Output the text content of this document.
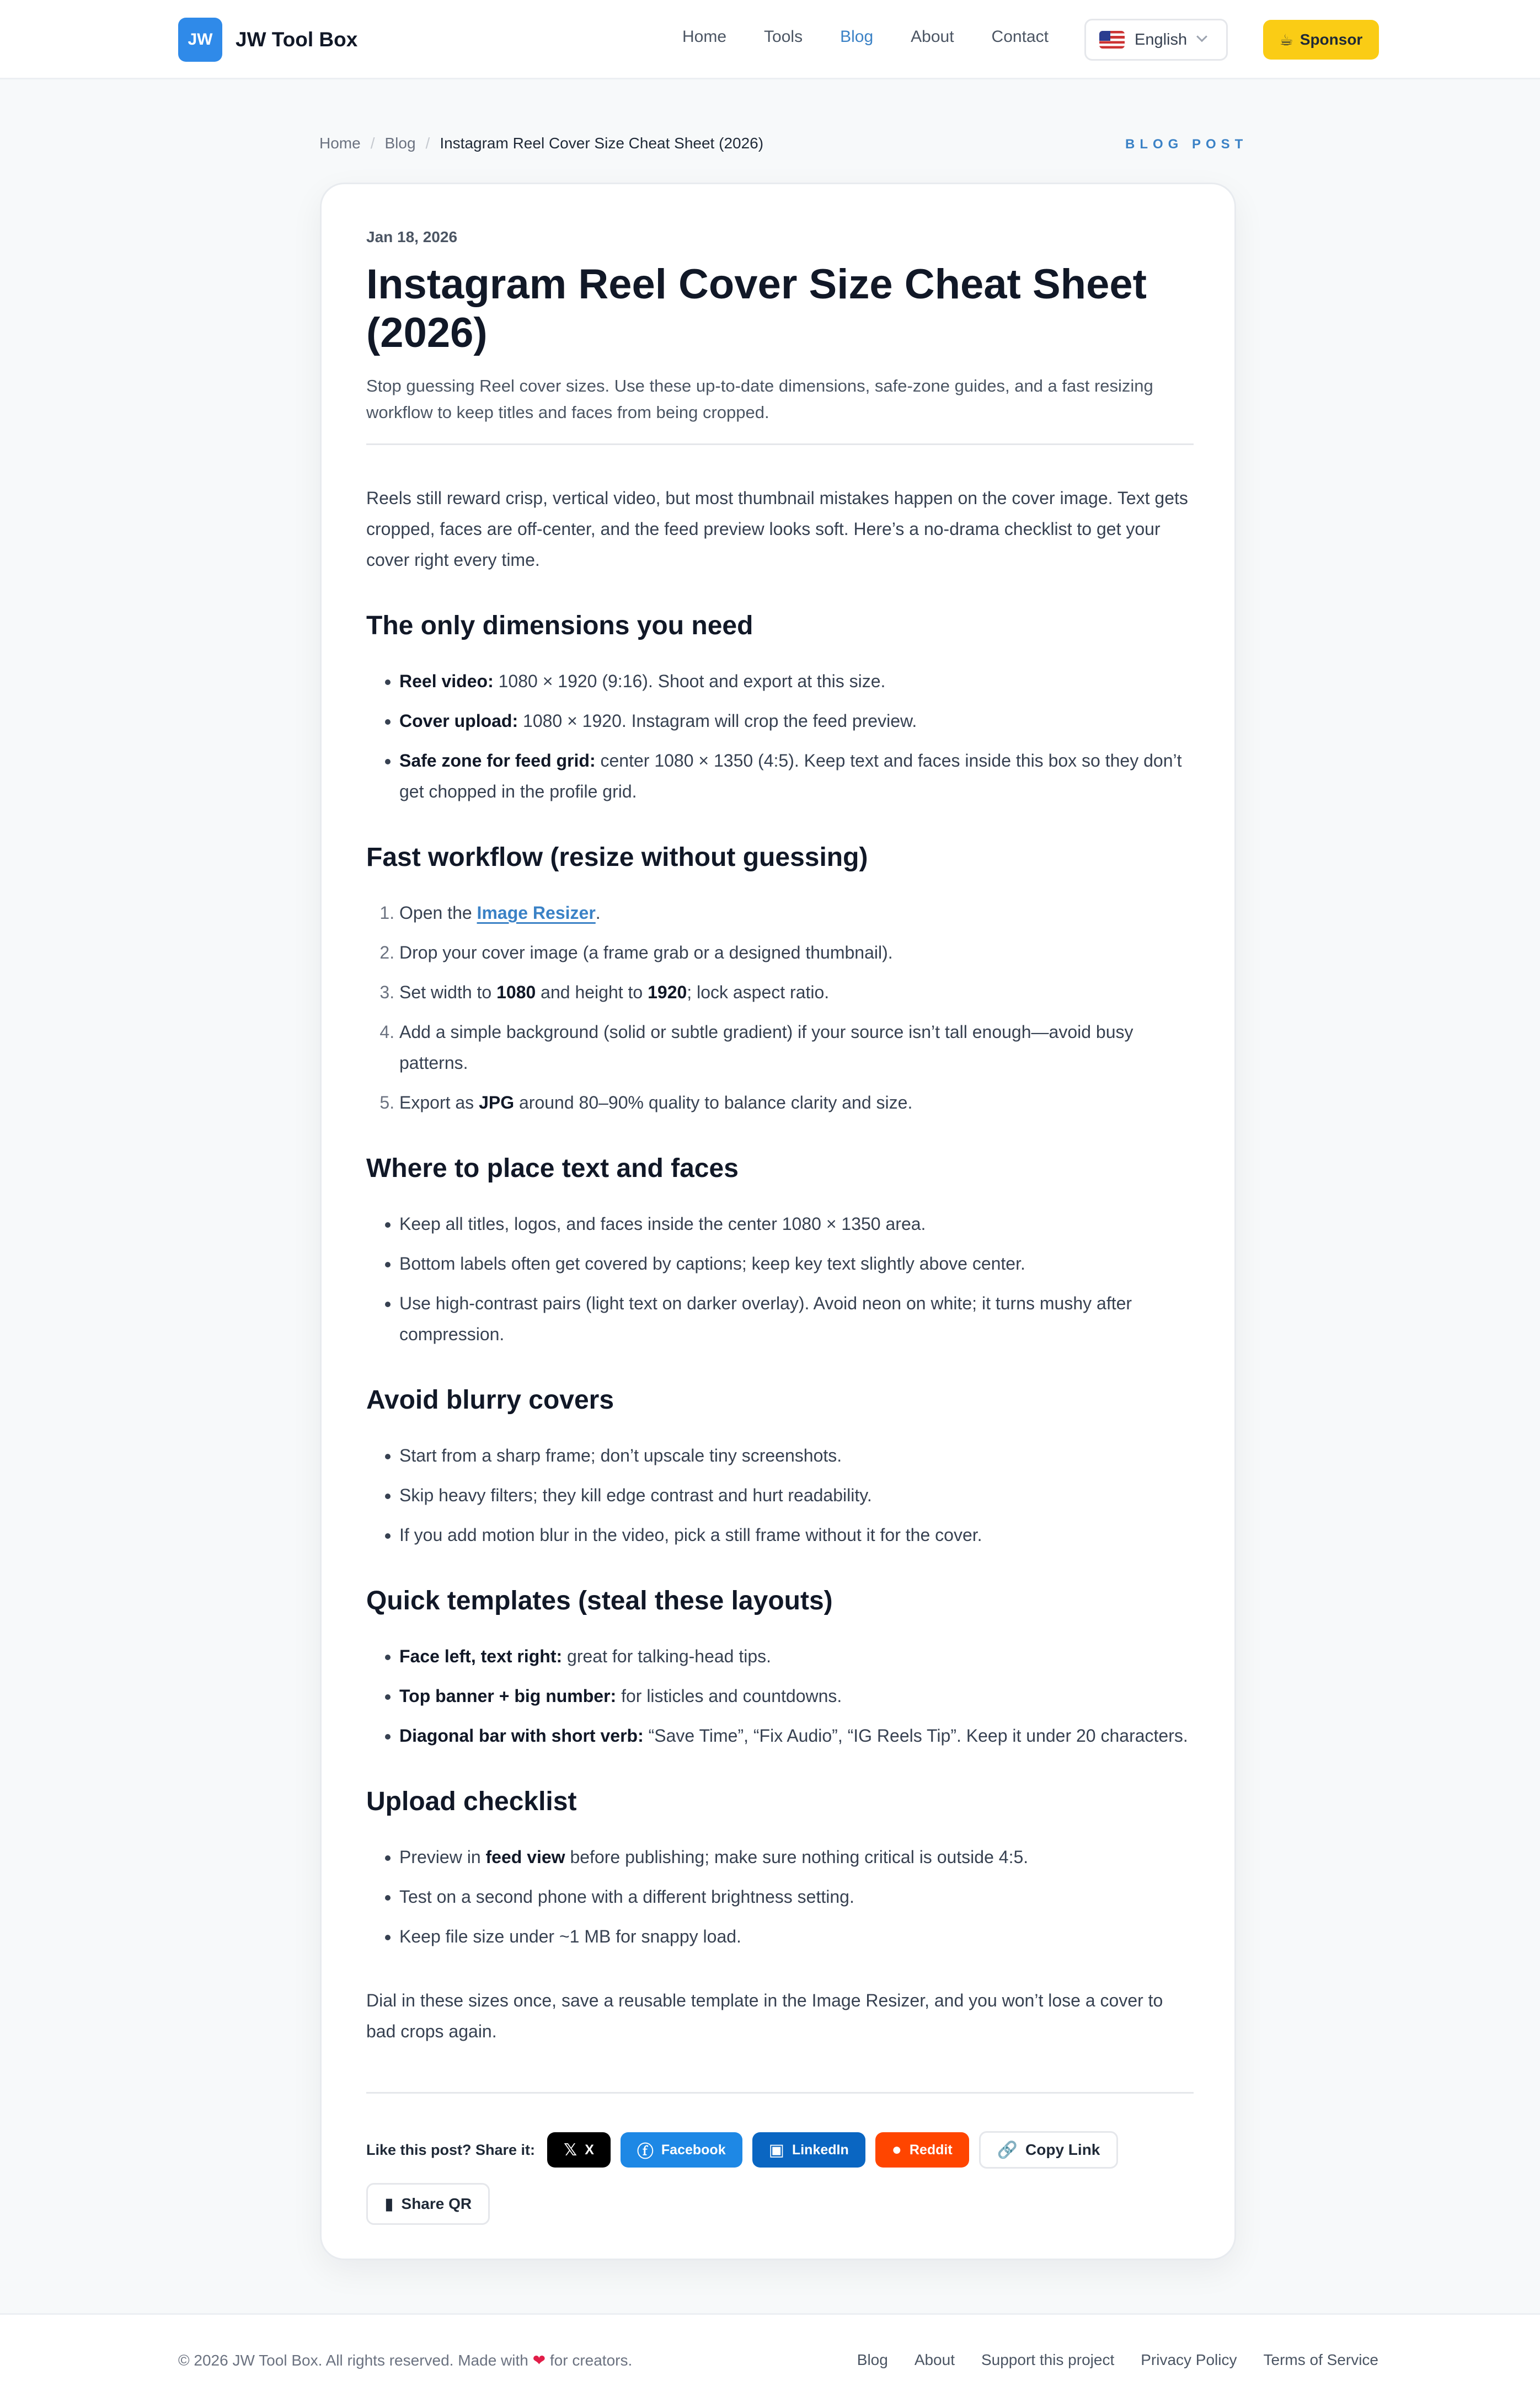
JW	JW Tool Box	Home Tools Blog About Contact	English	☕ Sponsor
Home / Blog / Instagram Reel Cover Size Cheat Sheet (2026)	BLOG POST
Jan 18, 2026
Instagram Reel Cover Size Cheat Sheet (2026)

Stop guessing Reel cover sizes. Use these up-to-date dimensions, safe-zone guides, and a fast resizing workflow to keep titles and faces from being cropped.

Reels still reward crisp, vertical video, but most thumbnail mistakes happen on the cover image. Text gets cropped, faces are off-center, and the feed preview looks soft. Here’s a no-drama checklist to get your cover right every time.

The only dimensions you need
• Reel video: 1080 × 1920 (9:16). Shoot and export at this size.
• Cover upload: 1080 × 1920. Instagram will crop the feed preview.
• Safe zone for feed grid: center 1080 × 1350 (4:5). Keep text and faces inside this box so they don’t get chopped in the profile grid.
Fast workflow (resize without guessing)
1. Open the Image Resizer.
2. Drop your cover image (a frame grab or a designed thumbnail).
3. Set width to 1080 and height to 1920; lock aspect ratio.
4. Add a simple background (solid or subtle gradient) if your source isn’t tall enough—avoid busy patterns.
5. Export as JPG around 80–90% quality to balance clarity and size.
Where to place text and faces
• Keep all titles, logos, and faces inside the center 1080 × 1350 area.
• Bottom labels often get covered by captions; keep key text slightly above center.
• Use high-contrast pairs (light text on darker overlay). Avoid neon on white; it turns mushy after compression.
Avoid blurry covers
• Start from a sharp frame; don’t upscale tiny screenshots.
• Skip heavy filters; they kill edge contrast and hurt readability.
• If you add motion blur in the video, pick a still frame without it for the cover.
Quick templates (steal these layouts)
• Face left, text right: great for talking-head tips.
• Top banner + big number: for listicles and countdowns.
• Diagonal bar with short verb: “Save Time”, “Fix Audio”, “IG Reels Tip”. Keep it under 20 characters.
Upload checklist
• Preview in feed view before publishing; make sure nothing critical is outside 4:5.
• Test on a second phone with a different brightness setting.
• Keep file size under ~1 MB for snappy load.

Dial in these sizes once, save a reusable template in the Image Resizer, and you won’t lose a cover to bad crops again.

Like this post? Share it: 𝕏 X	ⓕ Facebook	▣ LinkedIn	● Reddit	🔗 Copy Link
▮ Share QR
© 2026 JW Tool Box. All rights reserved. Made with ❤ for creators.	Blog About Support this project Privacy Policy Terms of Service
